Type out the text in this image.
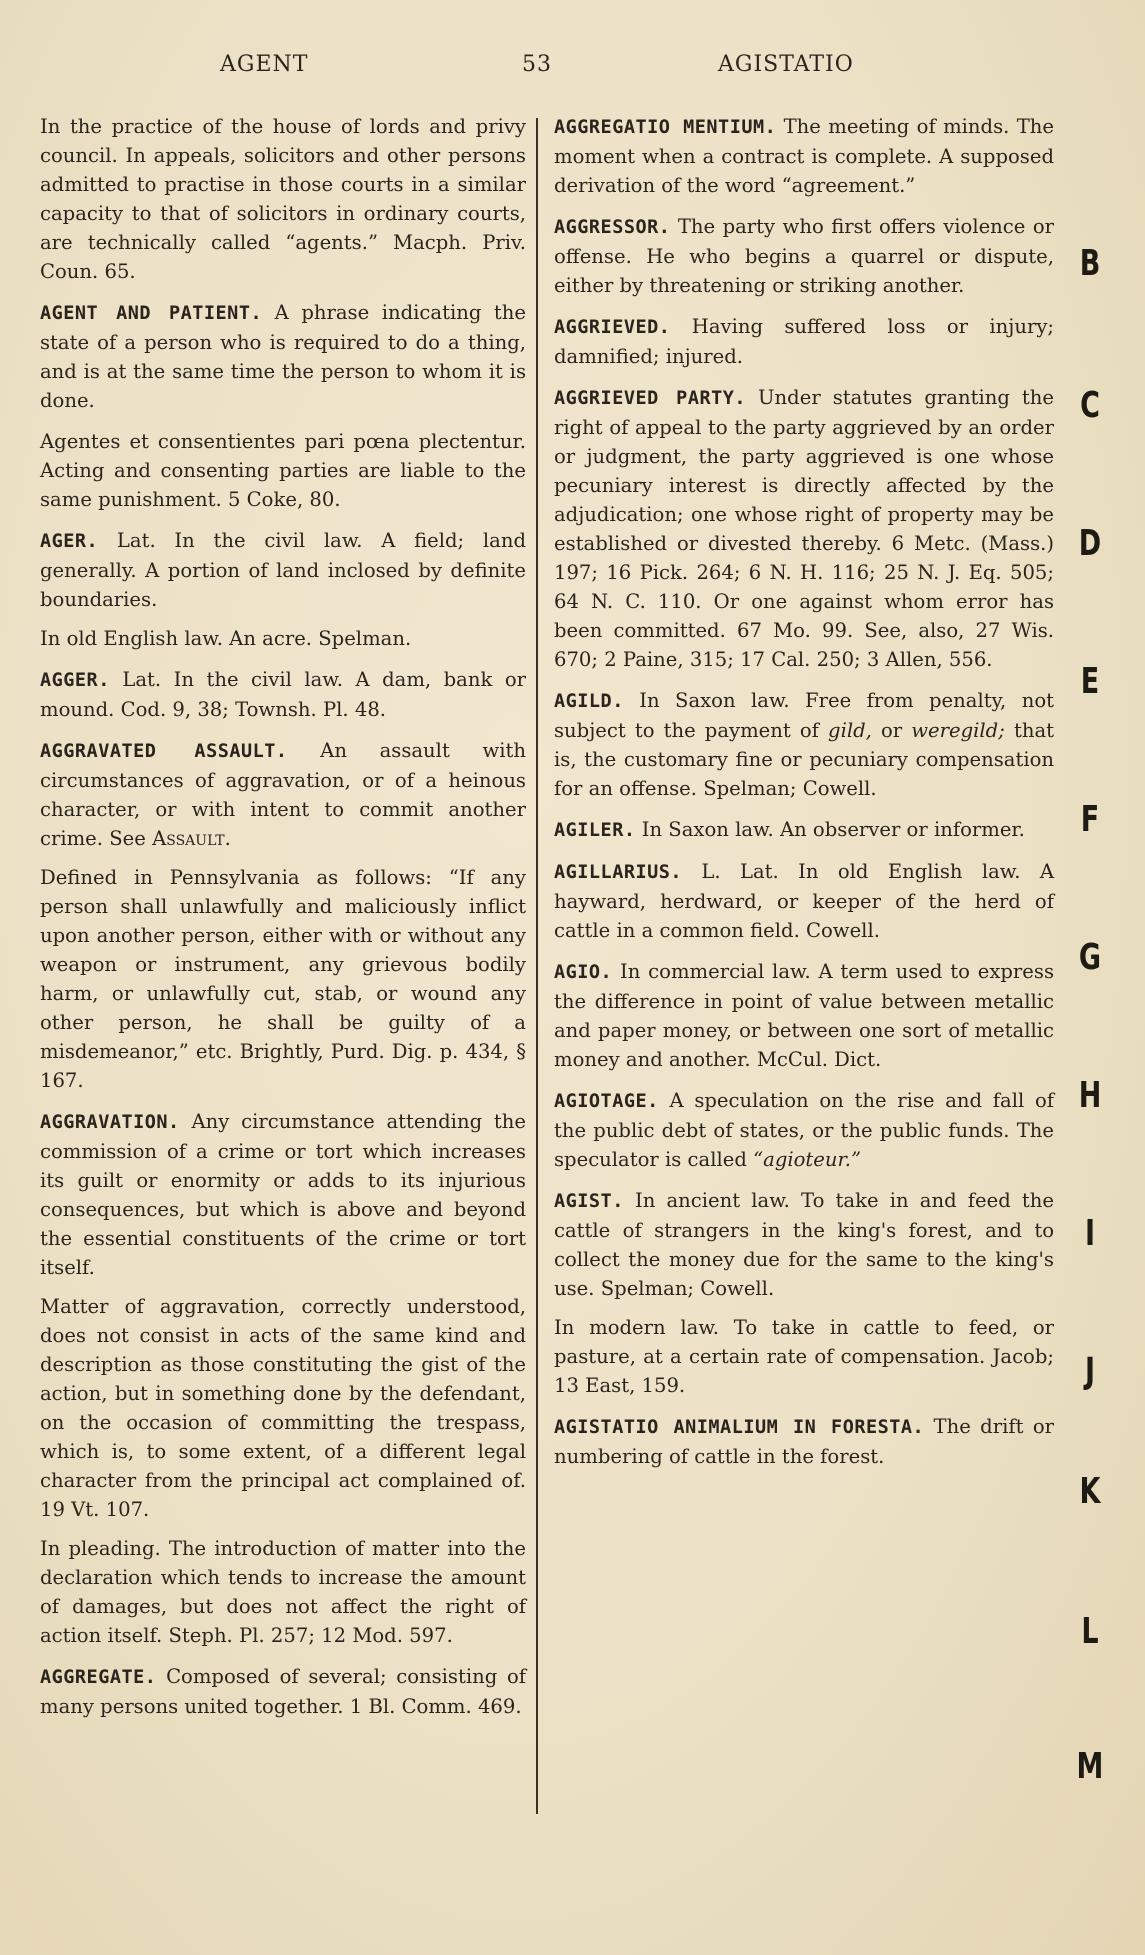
AGENT	53	AGISTATIO

In the practice of the house of lords and privy council. In appeals, solicitors and other persons admitted to practise in those courts in a similar capacity to that of solicitors in ordinary courts, are technically called “agents.” Macph. Priv. Coun. 65.

AGENT AND PATIENT. A phrase indicating the state of a person who is required to do a thing, and is at the same time the person to whom it is done.

Agentes et consentientes pari pœna plectentur. Acting and consenting parties are liable to the same punishment. 5 Coke, 80.

AGER. Lat. In the civil law. A field; land generally. A portion of land inclosed by definite boundaries.

In old English law. An acre. Spelman.

AGGER. Lat. In the civil law. A dam, bank or mound. Cod. 9, 38; Townsh. Pl. 48.

AGGRAVATED ASSAULT. An assault with circumstances of aggravation, or of a heinous character, or with intent to commit another crime. See Assault.

Defined in Pennsylvania as follows: “If any person shall unlawfully and maliciously inflict upon another person, either with or without any weapon or instrument, any grievous bodily harm, or unlawfully cut, stab, or wound any other person, he shall be guilty of a misdemeanor,” etc. Brightly, Purd. Dig. p. 434, § 167.

AGGRAVATION. Any circumstance attending the commission of a crime or tort which increases its guilt or enormity or adds to its injurious consequences, but which is above and beyond the essential constituents of the crime or tort itself.

Matter of aggravation, correctly understood, does not consist in acts of the same kind and description as those constituting the gist of the action, but in something done by the defendant, on the occasion of committing the trespass, which is, to some extent, of a different legal character from the principal act complained of. 19 Vt. 107.

In pleading. The introduction of matter into the declaration which tends to increase the amount of damages, but does not affect the right of action itself. Steph. Pl. 257; 12 Mod. 597.

AGGREGATE. Composed of several; consisting of many persons united together. 1 Bl. Comm. 469.

AGGREGATIO MENTIUM. The meeting of minds. The moment when a contract is complete. A supposed derivation of the word “agreement.”

AGGRESSOR. The party who first offers violence or offense. He who begins a quarrel or dispute, either by threatening or striking another.

AGGRIEVED. Having suffered loss or injury; damnified; injured.

AGGRIEVED PARTY. Under statutes granting the right of appeal to the party aggrieved by an order or judgment, the party aggrieved is one whose pecuniary interest is directly affected by the adjudication; one whose right of property may be established or divested thereby. 6 Metc. (Mass.) 197; 16 Pick. 264; 6 N. H. 116; 25 N. J. Eq. 505; 64 N. C. 110. Or one against whom error has been committed. 67 Mo. 99. See, also, 27 Wis. 670; 2 Paine, 315; 17 Cal. 250; 3 Allen, 556.

AGILD. In Saxon law. Free from penalty, not subject to the payment of gild, or weregild; that is, the customary fine or pecuniary compensation for an offense. Spelman; Cowell.

AGILER. In Saxon law. An observer or informer.

AGILLARIUS. L. Lat. In old English law. A hayward, herdward, or keeper of the herd of cattle in a common field. Cowell.

AGIO. In commercial law. A term used to express the difference in point of value between metallic and paper money, or between one sort of metallic money and another. McCul. Dict.

AGIOTAGE. A speculation on the rise and fall of the public debt of states, or the public funds. The speculator is called “agioteur.”

AGIST. In ancient law. To take in and feed the cattle of strangers in the king's forest, and to collect the money due for the same to the king's use. Spelman; Cowell.

In modern law. To take in cattle to feed, or pasture, at a certain rate of compensation. Jacob; 13 East, 159.

AGISTATIO ANIMALIUM IN FORESTA. The drift or numbering of cattle in the forest.

B
C
D
E
F
G
H
I
J
K
L
M
